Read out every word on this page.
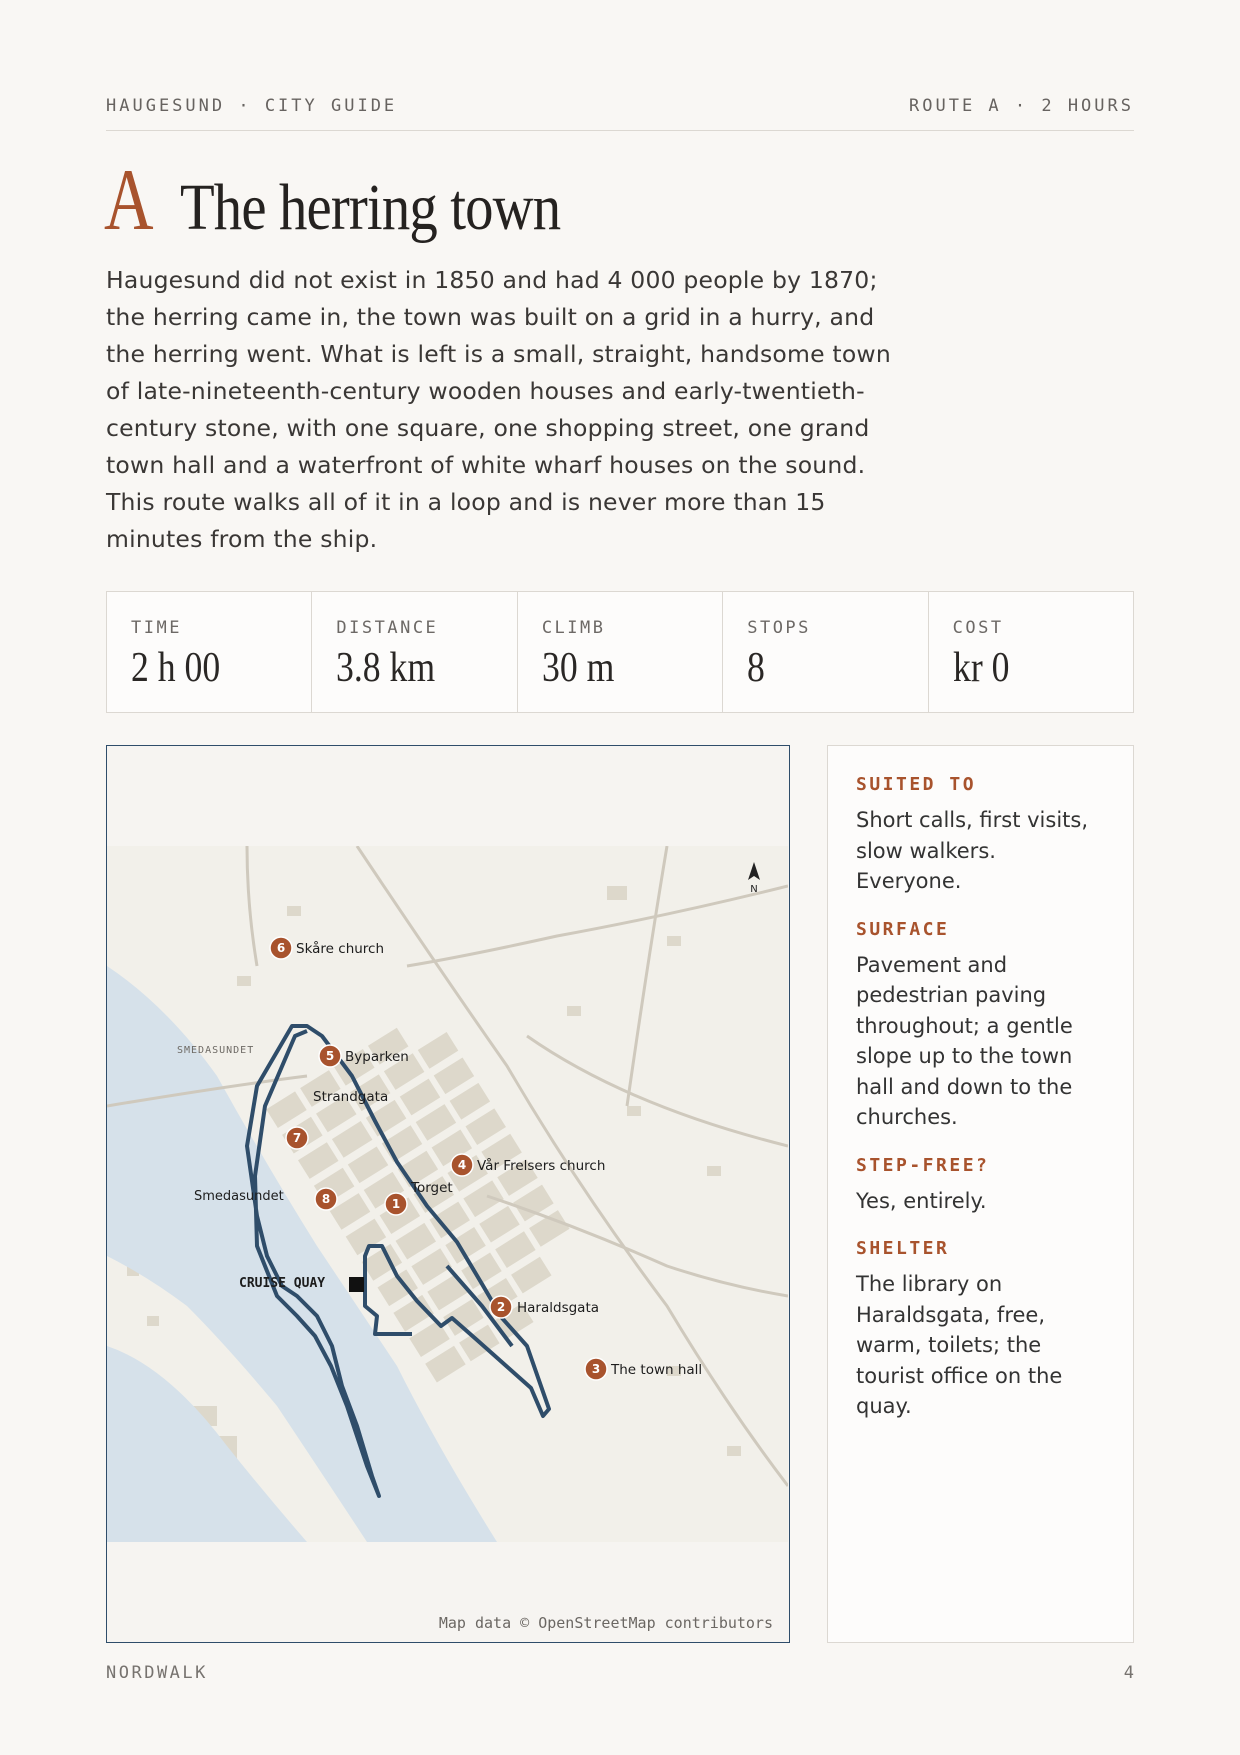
HAUGESUND · CITY GUIDE	ROUTE A · 2 HOURS
A The herring town
Haugesund did not exist in 1850 and had 4 000 people by 1870; the herring came in, the town was built on a grid in a hurry, and the herring went. What is left is a small, straight, handsome town of late-nineteenth-century wooden houses and early-twentieth-century stone, with one square, one shopping street, one grand town hall and a waterfront of white wharf houses on the sound. This route walks all of it in a loop and is never more than 15 minutes from the ship.
TIME
2 h 00
DISTANCE
3.8 km
CLIMB
30 m
STOPS
8
COST
kr 0
N
SMEDASUNDET
Smedasundet
CRUISE QUAY
Strandgata
1
Torget
2 Haraldsgata
3 The town hall
4 Vår Frelsers church
5 Byparken
6 Skåre church
7
8
Map data © OpenStreetMap contributors
SUITED TO

Short calls, first visits, slow walkers. Everyone.

SURFACE

Pavement and pedestrian paving throughout; a gentle slope up to the town hall and down to the churches.

STEP-FREE?

Yes, entirely.

SHELTER

The library on Haraldsgata, free, warm, toilets; the tourist office on the quay.

NORDWALK	4
